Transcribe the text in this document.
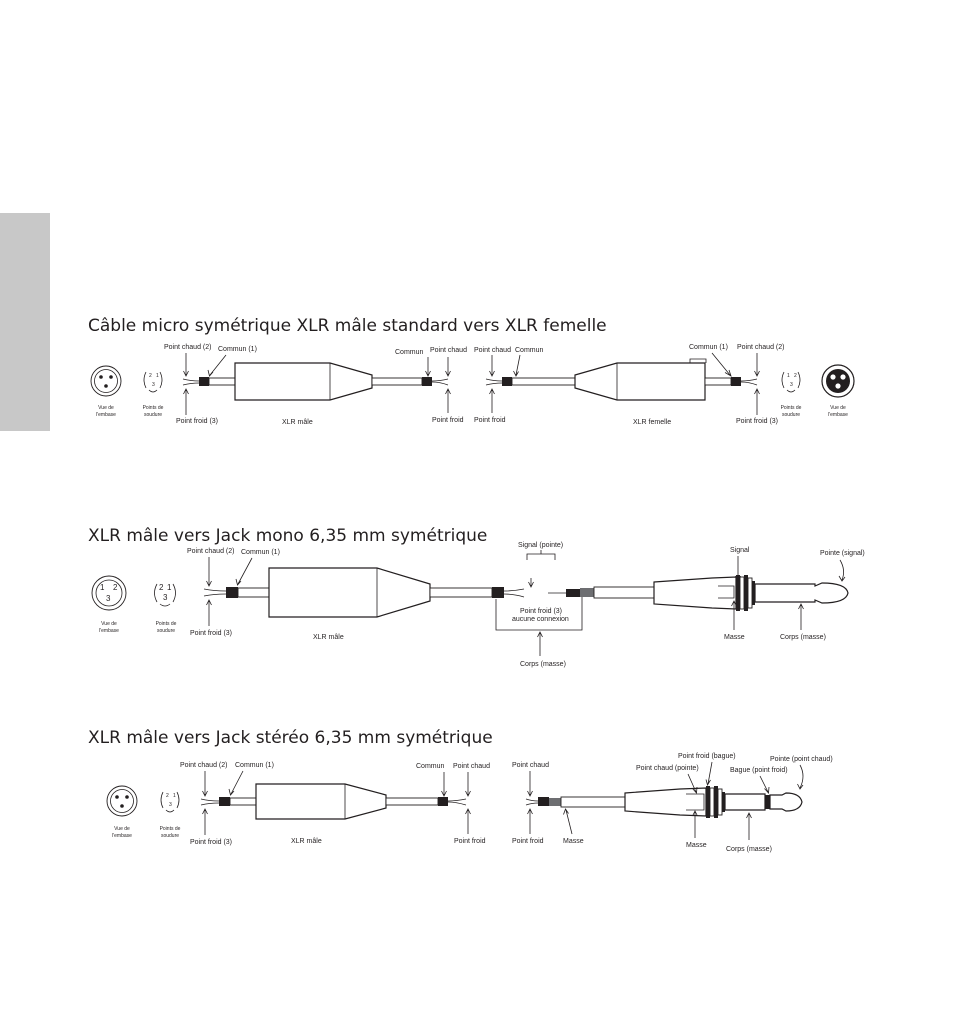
Câble micro symétrique XLR mâle standard vers XLR femelle
Vue de
l'embase
2 1
3
Points de
soudure
Point chaud (2) Commun (1)
Point froid (3)	XLR mâle
Commun Point chaud
Point froid
Point chaud Commun
Point froid
Commun (1) Point chaud (2)
Point froid (3)
XLR femelle
1 2
3
Points de
soudure
Vue de
l'embase
XLR mâle vers Jack mono 6,35 mm symétrique
1 2
3
Vue de
l'embase
2 1
3
Points de
soudure
Point chaud (2) Commun (1)
Point froid (3)
XLR mâle
Signal (pointe)
Point froid (3)
aucune connexion
Corps (masse)
Signal	Pointe (signal)
Masse	Corps (masse)
XLR mâle vers Jack stéréo 6,35 mm symétrique
Vue de
l'embase
2 1
3
Points de
soudure
Point chaud (2) Commun (1)
Point froid (3)	XLR mâle
Commun Point chaud
Point froid
Point chaud
Point froid	Masse
Point froid (bague)
Point chaud (pointe)
Pointe (point chaud)
Bague (point froid)
Masse
Corps (masse)
